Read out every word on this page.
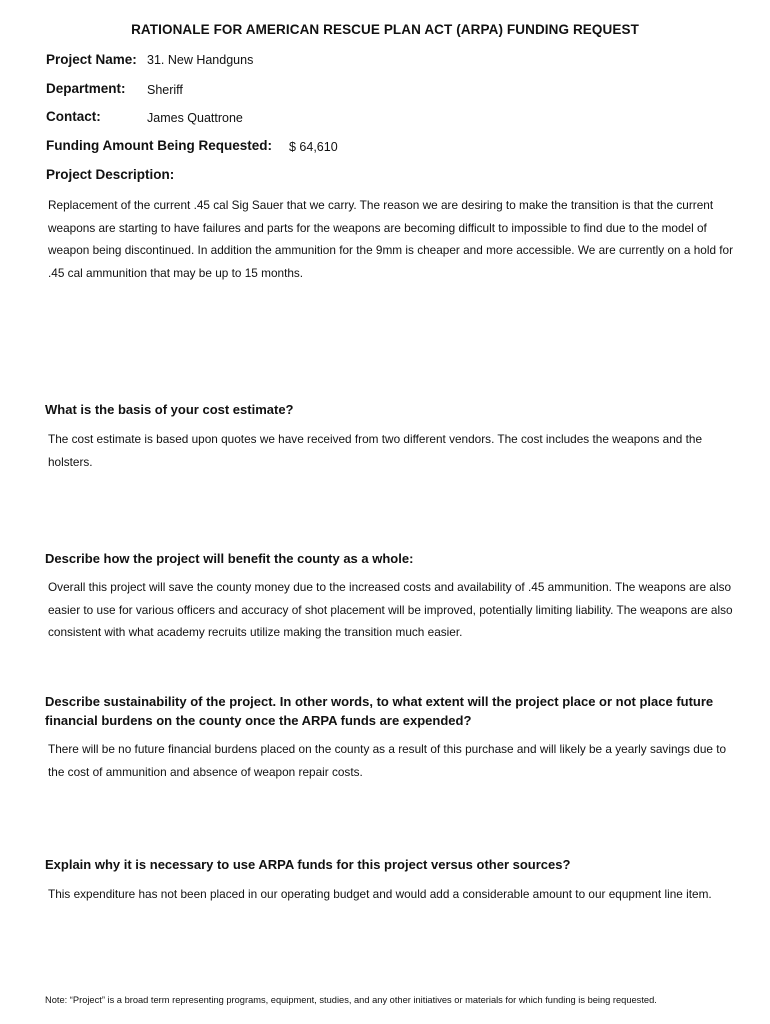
RATIONALE FOR AMERICAN RESCUE PLAN ACT (ARPA) FUNDING REQUEST
Project Name: 31. New Handguns
Department: Sheriff
Contact:	James Quattrone
Funding Amount Being Requested: $ 64,610
Project Description:
Replacement of the current .45 cal Sig Sauer that we carry. The reason we are desiring to make the transition is that the current weapons are starting to have failures and parts for the weapons are becoming difficult to impossible to find due to the model of weapon being discontinued. In addition the ammunition for the 9mm is cheaper and more accessible. We are currently on a hold for .45 cal ammunition that may be up to 15 months.
What is the basis of your cost estimate?
The cost estimate is based upon quotes we have received from two different vendors. The cost includes the weapons and the holsters.
Describe how the project will benefit the county as a whole:
Overall this project will save the county money due to the increased costs and availability of .45 ammunition. The weapons are also easier to use for various officers and accuracy of shot placement will be improved, potentially limiting liability. The weapons are also consistent with what academy recruits utilize making the transition much easier.
Describe sustainability of the project. In other words, to what extent will the project place or not place future financial burdens on the county once the ARPA funds are expended?
There will be no future financial burdens placed on the county as a result of this purchase and will likely be a yearly savings due to the cost of ammunition and absence of weapon repair costs.
Explain why it is necessary to use ARPA funds for this project versus other sources?
This expenditure has not been placed in our operating budget and would add a considerable amount to our equpment line item.
Note: “Project” is a broad term representing programs, equipment, studies, and any other initiatives or materials for which funding is being requested.
